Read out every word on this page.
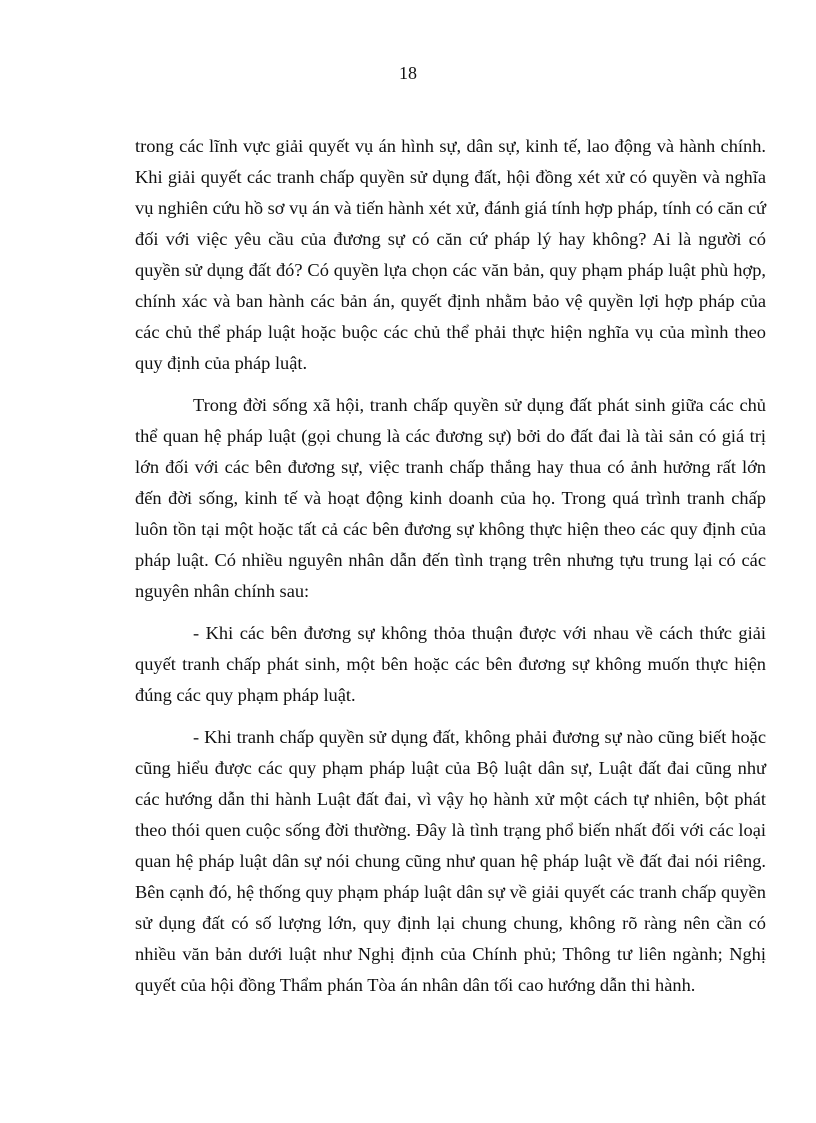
18

trong các lĩnh vực giải quyết vụ án hình sự, dân sự, kinh tế, lao động và hành chính. Khi giải quyết các tranh chấp quyền sử dụng đất, hội đồng xét xử có quyền và nghĩa vụ nghiên cứu hồ sơ vụ án và tiến hành xét xử, đánh giá tính hợp pháp, tính có căn cứ đối với việc yêu cầu của đương sự có căn cứ pháp lý hay không? Ai là người có quyền sử dụng đất đó? Có quyền lựa chọn các văn bản, quy phạm pháp luật phù hợp, chính xác và ban hành các bản án, quyết định nhằm bảo vệ quyền lợi hợp pháp của các chủ thể pháp luật hoặc buộc các chủ thể phải thực hiện nghĩa vụ của mình theo quy định của pháp luật.

Trong đời sống xã hội, tranh chấp quyền sử dụng đất phát sinh giữa các chủ thể quan hệ pháp luật (gọi chung là các đương sự) bởi do đất đai là tài sản có giá trị lớn đối với các bên đương sự, việc tranh chấp thắng hay thua có ảnh hưởng rất lớn đến đời sống, kinh tế và hoạt động kinh doanh của họ. Trong quá trình tranh chấp luôn tồn tại một hoặc tất cả các bên đương sự không thực hiện theo các quy định của pháp luật. Có nhiều nguyên nhân dẫn đến tình trạng trên nhưng tựu trung lại có các nguyên nhân chính sau:

- Khi các bên đương sự không thỏa thuận được với nhau về cách thức giải quyết tranh chấp phát sinh, một bên hoặc các bên đương sự không muốn thực hiện đúng các quy phạm pháp luật.

- Khi tranh chấp quyền sử dụng đất, không phải đương sự nào cũng biết hoặc cũng hiểu được các quy phạm pháp luật của Bộ luật dân sự, Luật đất đai cũng như các hướng dẫn thi hành Luật đất đai, vì vậy họ hành xử một cách tự nhiên, bột phát theo thói quen cuộc sống đời thường. Đây là tình trạng phổ biến nhất đối với các loại quan hệ pháp luật dân sự nói chung cũng như quan hệ pháp luật về đất đai nói riêng. Bên cạnh đó, hệ thống quy phạm pháp luật dân sự về giải quyết các tranh chấp quyền sử dụng đất có số lượng lớn, quy định lại chung chung, không rõ ràng nên cần có nhiều văn bản dưới luật như Nghị định của Chính phủ; Thông tư liên ngành; Nghị quyết của hội đồng Thẩm phán Tòa án nhân dân tối cao hướng dẫn thi hành.
